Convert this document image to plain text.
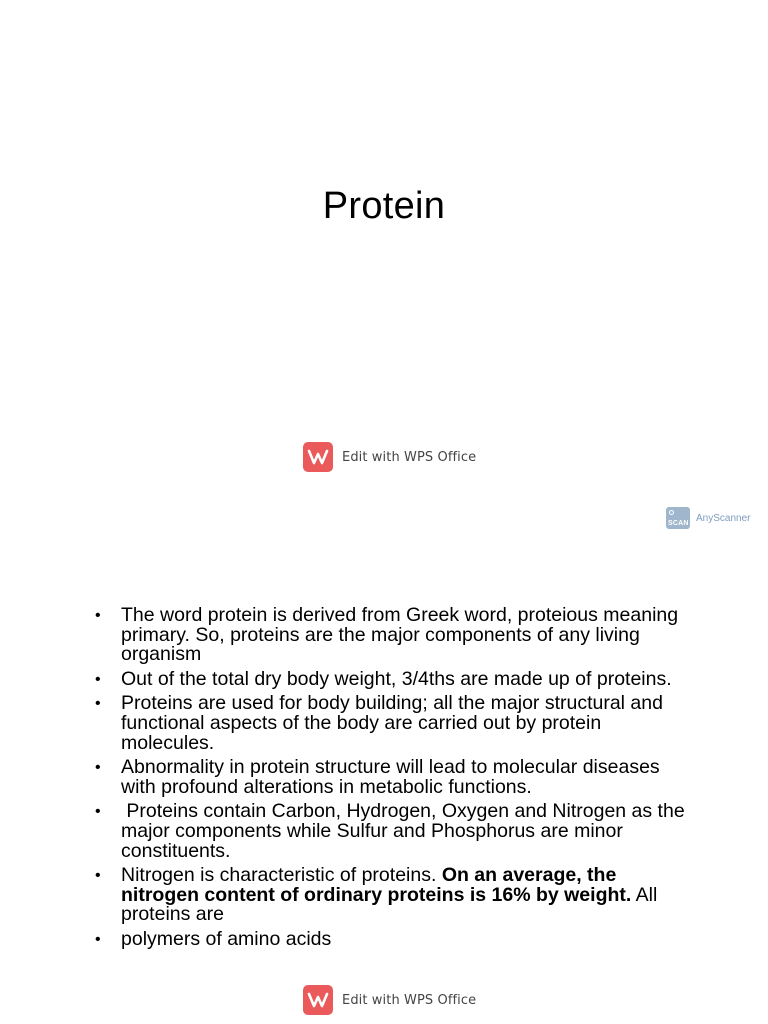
Protein
Edit with WPS Office
SCAN AnyScanner
• The word protein is derived from Greek word, proteious meaning primary. So, proteins are the major components of any living organism
• Out of the total dry body weight, 3/4ths are made up of proteins.
• Proteins are used for body building; all the major structural and functional aspects of the body are carried out by protein molecules.
• Abnormality in protein structure will lead to molecular diseases with profound alterations in metabolic functions.
• Proteins contain Carbon, Hydrogen, Oxygen and Nitrogen as the major components while Sulfur and Phosphorus are minor constituents.
• Nitrogen is characteristic of proteins. On an average, the nitrogen content of ordinary proteins is 16% by weight. All proteins are
• polymers of amino acids
Edit with WPS Office
